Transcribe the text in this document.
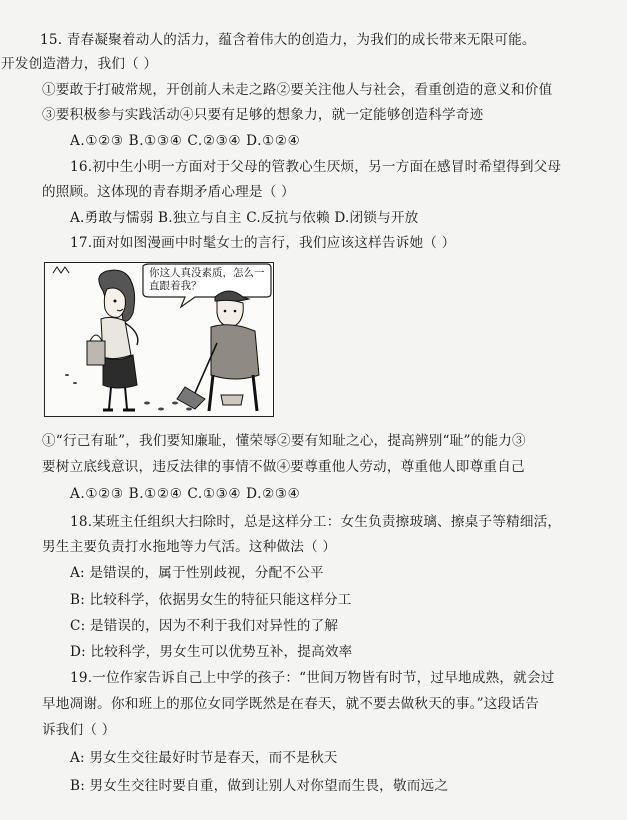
15. 青春凝聚着动人的活力，蕴含着伟大的创造力，为我们的成长带来无限可能。
开发创造潜力，我们（ ）
①要敢于打破常规，开创前人未走之路②要关注他人与社会，看重创造的意义和价值
③要积极参与实践活动④只要有足够的想象力，就一定能够创造科学奇迹
A.①②③ B.①③④ C.②③④ D.①②④
16.初中生小明一方面对于父母的管教心生厌烦，另一方面在感冒时希望得到父母
的照顾。这体现的青春期矛盾心理是（ ）
A.勇敢与懦弱 B.独立与自主 C.反抗与依赖 D.闭锁与开放
17.面对如图漫画中时髦女士的言行，我们应该这样告诉她（ ）
你这人真没素质，怎么一直跟着我？
①“行己有耻”，我们要知廉耻，懂荣辱②要有知耻之心，提高辨别“耻”的能力③
要树立底线意识，违反法律的事情不做④要尊重他人劳动，尊重他人即尊重自己
A.①②③ B.①②④ C.①③④ D.②③④
18.某班主任组织大扫除时，总是这样分工：女生负责擦玻璃、擦桌子等精细活，
男生主要负责打水拖地等力气活。这种做法（ ）
A: 是错误的，属于性别歧视，分配不公平
B: 比较科学，依据男女生的特征只能这样分工
C: 是错误的，因为不利于我们对异性的了解
D: 比较科学，男女生可以优势互补，提高效率
19.一位作家告诉自己上中学的孩子：“世间万物皆有时节，过早地成熟，就会过
早地凋谢。你和班上的那位女同学既然是在春天，就不要去做秋天的事。”这段话告
诉我们（ ）
A: 男女生交往最好时节是春天，而不是秋天
B: 男女生交往时要自重，做到让别人对你望而生畏，敬而远之
